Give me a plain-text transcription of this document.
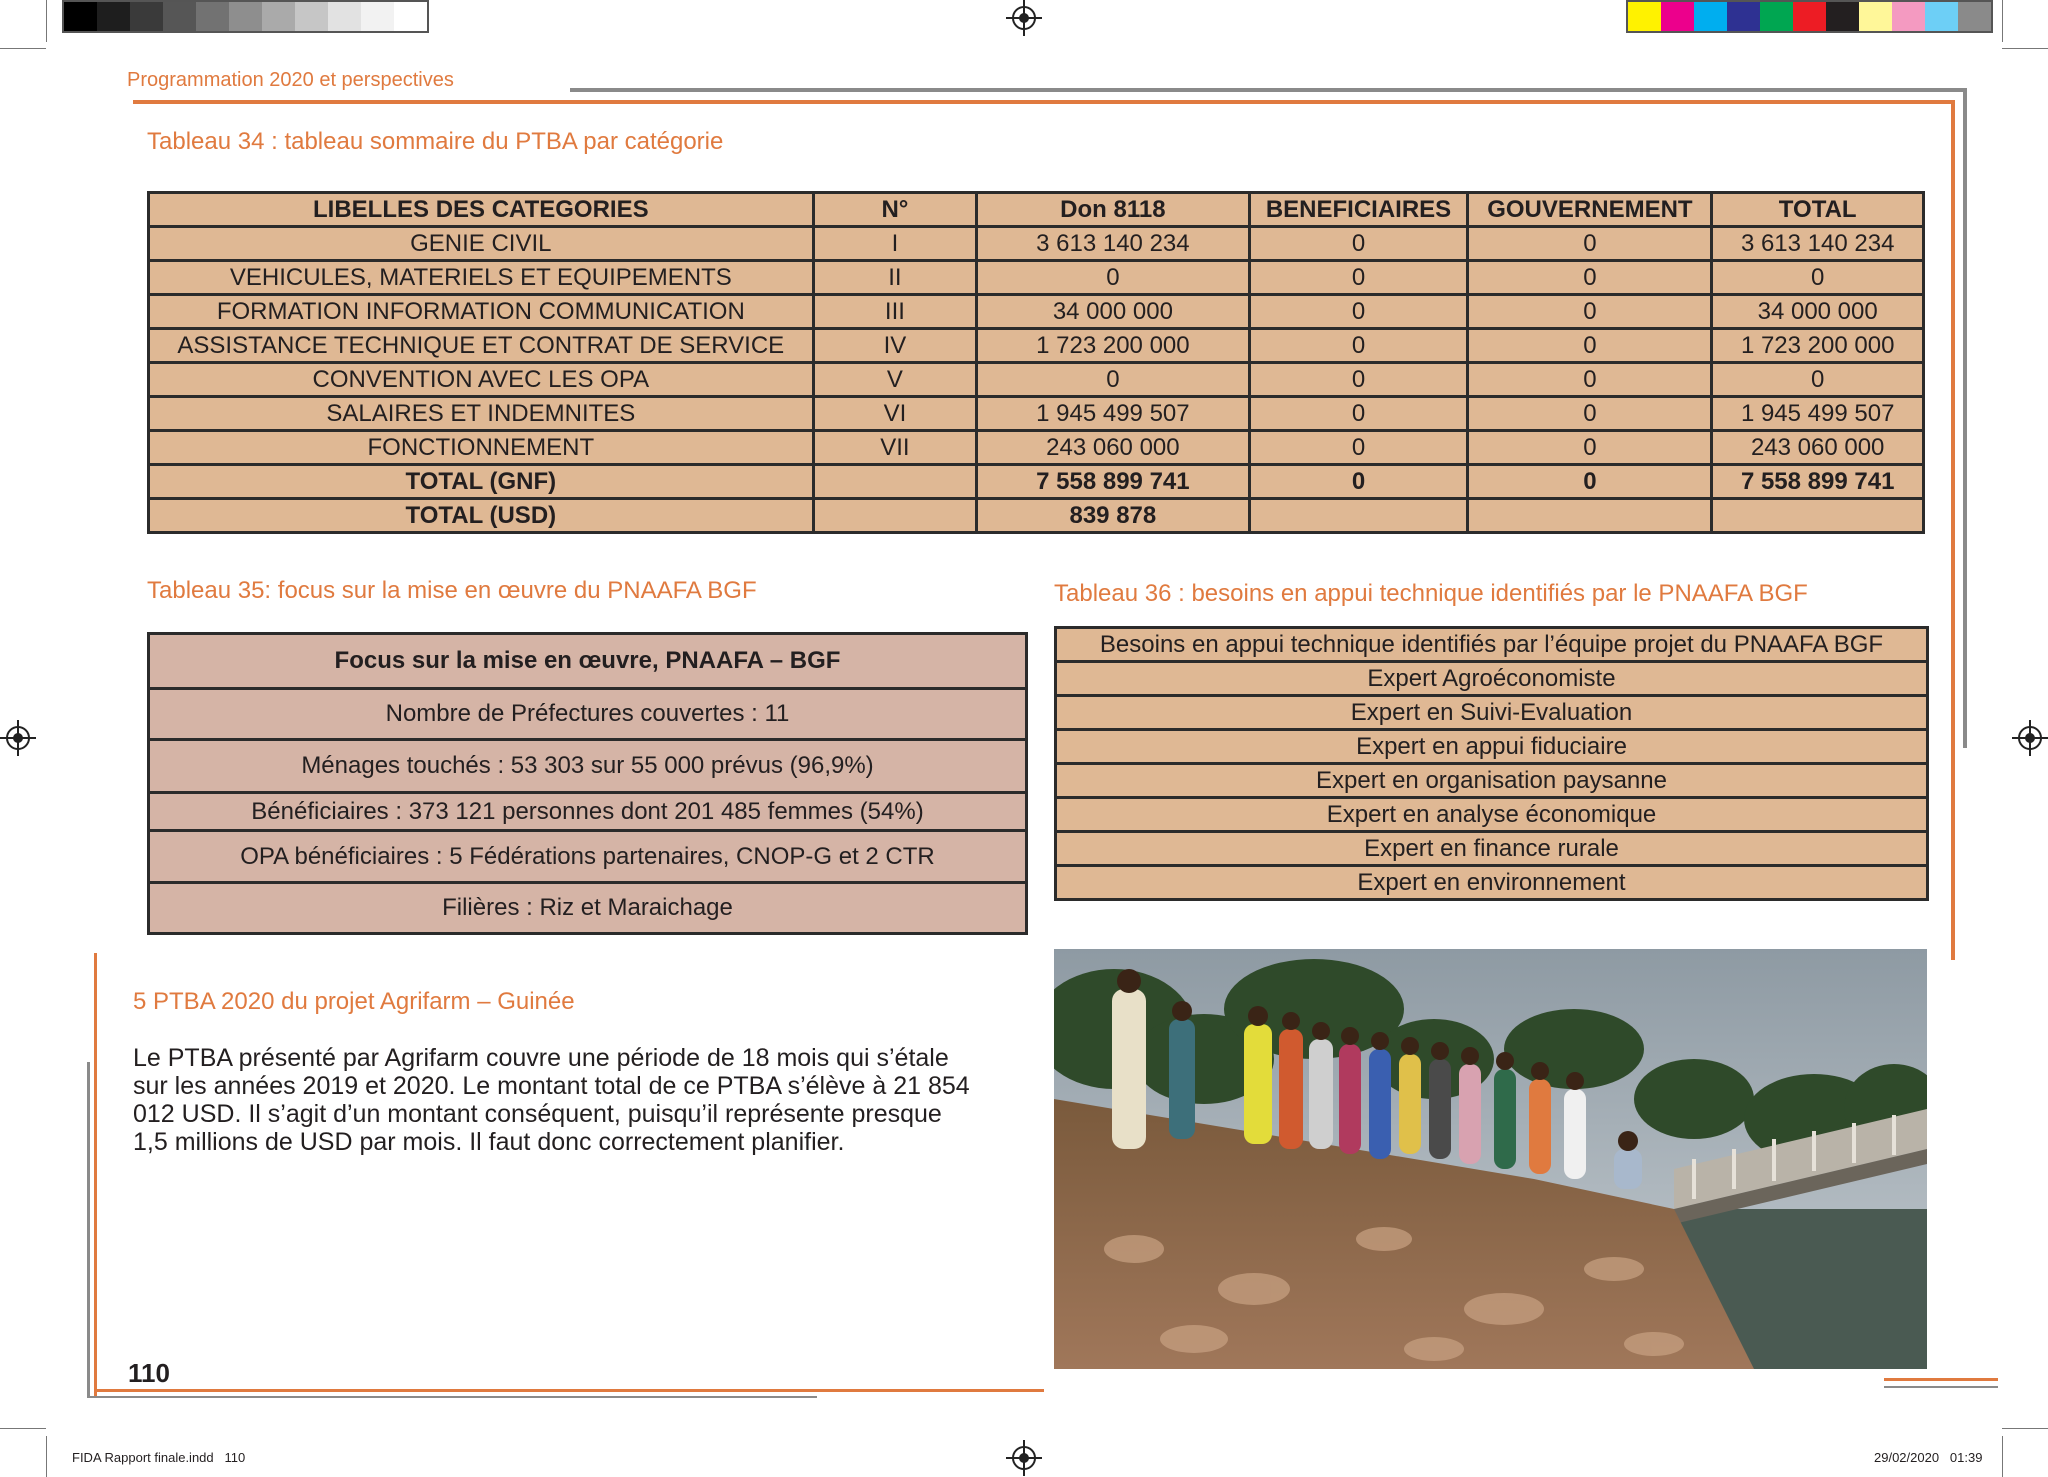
Programmation 2020 et perspectives
Tableau 34 : tableau sommaire du PTBA par catégorie
LIBELLES DES CATEGORIES	N°	Don 8118	BENEFICIAIRES	GOUVERNEMENT	TOTAL
GENIE CIVIL	I	3 613 140 234	0	0	3 613 140 234
VEHICULES, MATERIELS ET EQUIPEMENTS	II	0	0	0	0
FORMATION INFORMATION COMMUNICATION	III	34 000 000	0	0	34 000 000
ASSISTANCE TECHNIQUE ET CONTRAT DE SERVICE	IV	1 723 200 000	0	0	1 723 200 000
CONVENTION AVEC LES OPA	V	0	0	0	0
SALAIRES ET INDEMNITES	VI	1 945 499 507	0	0	1 945 499 507
FONCTIONNEMENT	VII	243 060 000	0	0	243 060 000
TOTAL (GNF)		7 558 899 741	0	0	7 558 899 741
TOTAL (USD)		839 878			
Tableau 35: focus sur la mise en œuvre du PNAAFA BGF
Focus sur la mise en œuvre, PNAAFA – BGF
Nombre de Préfectures couvertes : 11
Ménages touchés : 53 303 sur 55 000 prévus (96,9%)
Bénéficiaires : 373 121 personnes dont 201 485 femmes (54%)
OPA bénéficiaires : 5 Fédérations partenaires, CNOP-G et 2 CTR
Filières : Riz et Maraichage
Tableau 36 : besoins en appui technique identifiés par le PNAAFA BGF
Besoins en appui technique identifiés par l’équipe projet du PNAAFA BGF
Expert Agroéconomiste
Expert en Suivi-Evaluation
Expert en appui fiduciaire
Expert en organisation paysanne
Expert en analyse économique
Expert en finance rurale
Expert en environnement
5 PTBA 2020 du projet Agrifarm – Guinée
Le PTBA présenté par Agrifarm couvre une période de 18 mois qui s’étale
sur les années 2019 et 2020. Le montant total de ce PTBA s’élève à 21 854
012 USD. Il s’agit d’un montant conséquent, puisqu’il représente presque
1,5 millions de USD par mois. Il faut donc correctement planifier.
110
FIDA Rapport finale.indd   110	29/02/2020   01:39
